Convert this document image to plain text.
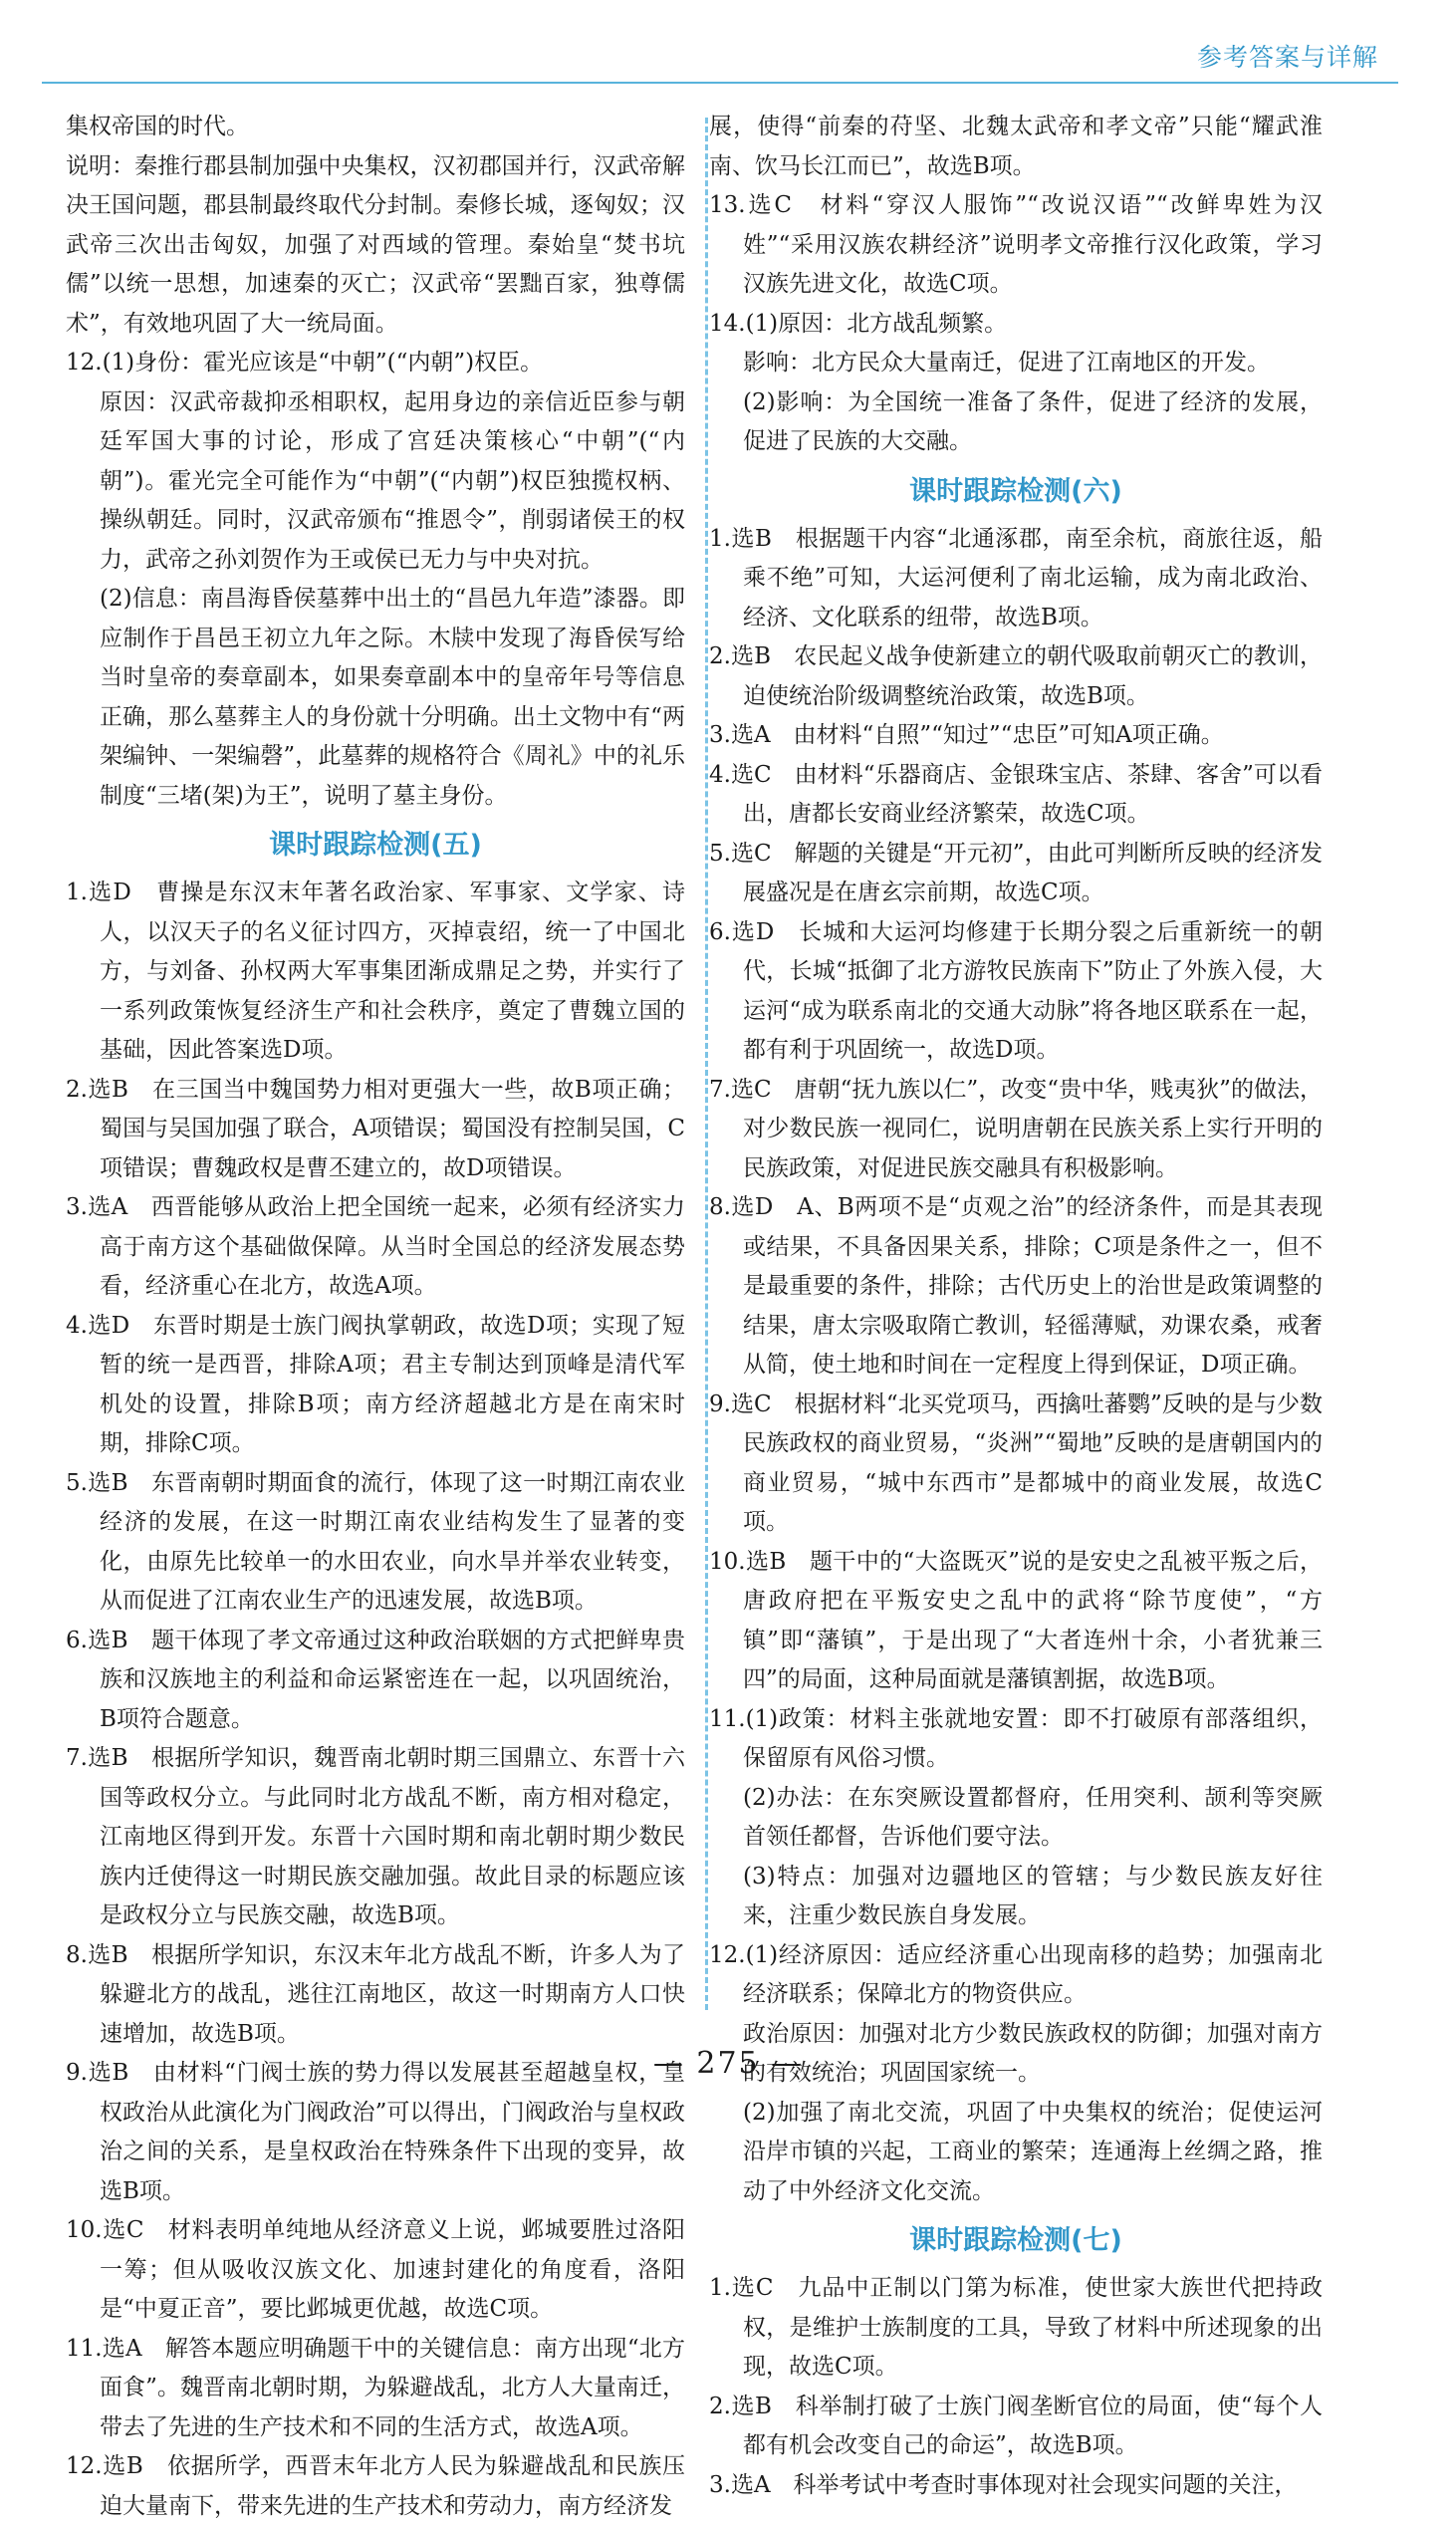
参考答案与详解
集权帝国的时代。
说明：秦推行郡县制加强中央集权，汉初郡国并行，汉武帝解决王国问题，郡县制最终取代分封制。秦修长城，逐匈奴；汉武帝三次出击匈奴，加强了对西域的管理。秦始皇“焚书坑儒”以统一思想，加速秦的灭亡；汉武帝“罢黜百家，独尊儒术”，有效地巩固了大一统局面。
12.(1)身份：霍光应该是“中朝”(“内朝”)权臣。
原因：汉武帝裁抑丞相职权，起用身边的亲信近臣参与朝廷军国大事的讨论，形成了宫廷决策核心“中朝”(“内朝”)。霍光完全可能作为“中朝”(“内朝”)权臣独揽权柄、操纵朝廷。同时，汉武帝颁布“推恩令”，削弱诸侯王的权力，武帝之孙刘贺作为王或侯已无力与中央对抗。
(2)信息：南昌海昏侯墓葬中出土的“昌邑九年造”漆器。即应制作于昌邑王初立九年之际。木牍中发现了海昏侯写给当时皇帝的奏章副本，如果奏章副本中的皇帝年号等信息正确，那么墓葬主人的身份就十分明确。出土文物中有“两架编钟、一架编磬”，此墓葬的规格符合《周礼》中的礼乐制度“三堵(架)为王”，说明了墓主身份。
课时跟踪检测(五)
1.选D　曹操是东汉末年著名政治家、军事家、文学家、诗人，以汉天子的名义征讨四方，灭掉袁绍，统一了中国北方，与刘备、孙权两大军事集团渐成鼎足之势，并实行了一系列政策恢复经济生产和社会秩序，奠定了曹魏立国的基础，因此答案选D项。
2.选B　在三国当中魏国势力相对更强大一些，故B项正确；蜀国与吴国加强了联合，A项错误；蜀国没有控制吴国，C项错误；曹魏政权是曹丕建立的，故D项错误。
3.选A　西晋能够从政治上把全国统一起来，必须有经济实力高于南方这个基础做保障。从当时全国总的经济发展态势看，经济重心在北方，故选A项。
4.选D　东晋时期是士族门阀执掌朝政，故选D项；实现了短暂的统一是西晋，排除A项；君主专制达到顶峰是清代军机处的设置，排除B项；南方经济超越北方是在南宋时期，排除C项。
5.选B　东晋南朝时期面食的流行，体现了这一时期江南农业经济的发展，在这一时期江南农业结构发生了显著的变化，由原先比较单一的水田农业，向水旱并举农业转变，从而促进了江南农业生产的迅速发展，故选B项。
6.选B　题干体现了孝文帝通过这种政治联姻的方式把鲜卑贵族和汉族地主的利益和命运紧密连在一起，以巩固统治，B项符合题意。
7.选B　根据所学知识，魏晋南北朝时期三国鼎立、东晋十六国等政权分立。与此同时北方战乱不断，南方相对稳定，江南地区得到开发。东晋十六国时期和南北朝时期少数民族内迁使得这一时期民族交融加强。故此目录的标题应该是政权分立与民族交融，故选B项。
8.选B　根据所学知识，东汉末年北方战乱不断，许多人为了躲避北方的战乱，逃往江南地区，故这一时期南方人口快速增加，故选B项。
9.选B　由材料“门阀士族的势力得以发展甚至超越皇权，皇权政治从此演化为门阀政治”可以得出，门阀政治与皇权政治之间的关系，是皇权政治在特殊条件下出现的变异，故选B项。
10.选C　材料表明单纯地从经济意义上说，邺城要胜过洛阳一筹；但从吸收汉族文化、加速封建化的角度看，洛阳是“中夏正音”，要比邺城更优越，故选C项。
11.选A　解答本题应明确题干中的关键信息：南方出现“北方面食”。魏晋南北朝时期，为躲避战乱，北方人大量南迁，带去了先进的生产技术和不同的生活方式，故选A项。
12.选B　依据所学，西晋末年北方人民为躲避战乱和民族压迫大量南下，带来先进的生产技术和劳动力，南方经济发
展，使得“前秦的苻坚、北魏太武帝和孝文帝”只能“耀武淮南、饮马长江而已”，故选B项。
13.选C　材料“穿汉人服饰”“改说汉语”“改鲜卑姓为汉姓”“采用汉族农耕经济”说明孝文帝推行汉化政策，学习汉族先进文化，故选C项。
14.(1)原因：北方战乱频繁。
影响：北方民众大量南迁，促进了江南地区的开发。
(2)影响：为全国统一准备了条件，促进了经济的发展，促进了民族的大交融。
课时跟踪检测(六)
1.选B　根据题干内容“北通涿郡，南至余杭，商旅往返，船乘不绝”可知，大运河便利了南北运输，成为南北政治、经济、文化联系的纽带，故选B项。
2.选B　农民起义战争使新建立的朝代吸取前朝灭亡的教训，迫使统治阶级调整统治政策，故选B项。
3.选A　由材料“自照”“知过”“忠臣”可知A项正确。
4.选C　由材料“乐器商店、金银珠宝店、茶肆、客舍”可以看出，唐都长安商业经济繁荣，故选C项。
5.选C　解题的关键是“开元初”，由此可判断所反映的经济发展盛况是在唐玄宗前期，故选C项。
6.选D　长城和大运河均修建于长期分裂之后重新统一的朝代，长城“抵御了北方游牧民族南下”防止了外族入侵，大运河“成为联系南北的交通大动脉”将各地区联系在一起，都有利于巩固统一，故选D项。
7.选C　唐朝“抚九族以仁”，改变“贵中华，贱夷狄”的做法，对少数民族一视同仁，说明唐朝在民族关系上实行开明的民族政策，对促进民族交融具有积极影响。
8.选D　A、B两项不是“贞观之治”的经济条件，而是其表现或结果，不具备因果关系，排除；C项是条件之一，但不是最重要的条件，排除；古代历史上的治世是政策调整的结果，唐太宗吸取隋亡教训，轻徭薄赋，劝课农桑，戒奢从简，使土地和时间在一定程度上得到保证，D项正确。
9.选C　根据材料“北买党项马，西擒吐蕃鹦”反映的是与少数民族政权的商业贸易，“炎洲”“蜀地”反映的是唐朝国内的商业贸易，“城中东西市”是都城中的商业发展，故选C项。
10.选B　题干中的“大盗既灭”说的是安史之乱被平叛之后，唐政府把在平叛安史之乱中的武将“除节度使”，“方镇”即“藩镇”，于是出现了“大者连州十余，小者犹兼三四”的局面，这种局面就是藩镇割据，故选B项。
11.(1)政策：材料主张就地安置：即不打破原有部落组织，保留原有风俗习惯。
(2)办法：在东突厥设置都督府，任用突利、颉利等突厥首领任都督，告诉他们要守法。
(3)特点：加强对边疆地区的管辖；与少数民族友好往来，注重少数民族自身发展。
12.(1)经济原因：适应经济重心出现南移的趋势；加强南北经济联系；保障北方的物资供应。
政治原因：加强对北方少数民族政权的防御；加强对南方的有效统治；巩固国家统一。
(2)加强了南北交流，巩固了中央集权的统治；促使运河沿岸市镇的兴起，工商业的繁荣；连通海上丝绸之路，推动了中外经济文化交流。
课时跟踪检测(七)
1.选C　九品中正制以门第为标准，使世家大族世代把持政权，是维护士族制度的工具，导致了材料中所述现象的出现，故选C项。
2.选B　科举制打破了士族门阀垄断官位的局面，使“每个人都有机会改变自己的命运”，故选B项。
3.选A　科举考试中考查时事体现对社会现实问题的关注，
— 275 —
